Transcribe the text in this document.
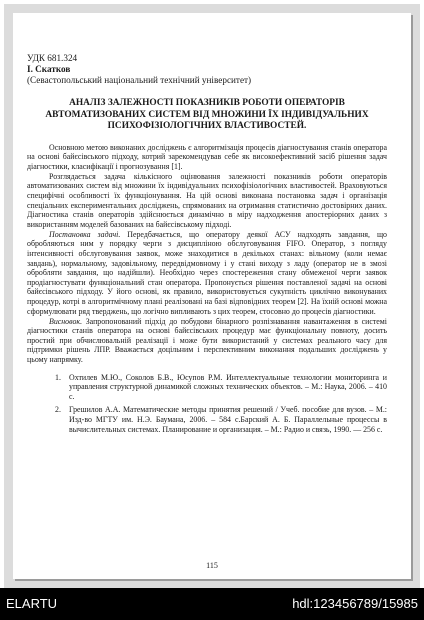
УДК 681.324
І. Скатков
(Севастопольський національний технічний університет)
АНАЛІЗ ЗАЛЕЖНОСТІ ПОКАЗНИКІВ РОБОТИ ОПЕРАТОРІВ АВТОМАТИЗОВАНИХ СИСТЕМ ВІД МНОЖИНИ ЇХ ІНДИВІДУАЛЬНИХ ПСИХОФІЗІОЛОГІЧНИХ ВЛАСТИВОСТЕЙ.

Основною метою виконаних досліджень є алгоритмізація процесів діагностування станів оператора на основі байєсівського підходу, котрий зарекомендував себе як високоефективний засіб рішення задач діагностики, класифікації і прогнозування [1].

Розглядається задача кількісного оцінювання залежності показників роботи операторів автоматизованих систем від множини їх індивідуальних психофізіологічних властивостей. Враховуються специфічні особливості їх функціонування. На цій основі виконана постановка задач і організація спеціальних експериментальних досліджень, спрямованих на отримання статистично достовірних даних. Діагностика станів операторів здійснюється динамічно в міру надходження апостеріорних даних з використанням моделей базованих на байєсівському підході.

Постановка задачі. Передбачається, що оператору деякої АСУ надходять завдання, що обробляються ним у порядку черги з дисципліною обслуговування FIFO. Оператор, з погляду інтенсивності обслуговування заявок, може знаходитися в декількох станах: вільному (коли немає завдань), нормальному, задовільному, передвідмовному і у стані виходу з ладу (оператор не в змозі обробляти завдання, що надійшли). Необхідно через спостереження стану обмеженої черги заявок продіагностувати функціональний стан оператора. Пропонується рішення поставленої задачі на основі байєсівського підходу. У його основі, як правило, використовується сукупність циклічно виконуваних процедур, котрі в алгоритмічному плані реалізовані на базі відповідних теорем [2]. На їхній основі можна сформулювати ряд тверджень, що логічно випливають з цих теорем, стосовно до процесів діагностики.

Висновок. Запропонований підхід до побудови бінарного розпізнавання навантаження в системі діагностики станів оператора на основі байєсівських процедур має функціональну повноту, досить простий при обчислювальній реалізації і може бути використаний у системах реального часу для підтримки рішень ЛПР. Вважається доцільним і перспективним виконання подальших досліджень у цьому напрямку.

1. Охтилев М.Ю., Соколов Б.В., Юсупов Р.М. Интеллектуальные технологии мониторинга и управления структурной динамикой сложных технических объектов. – М.: Наука, 2006. – 410 с.
2. Грешилов А.А. Математические методы принятия решений / Учеб. пособие для вузов. – М.: Изд-во МГТУ им. Н.Э. Баумана, 2006. – 584 с.Барский А. Б. Параллельные процессы в вычислительных системах. Планирование и организация. – М.: Радио и связь, 1990. — 256 с.
115
ELARTU	hdl:123456789/15985
